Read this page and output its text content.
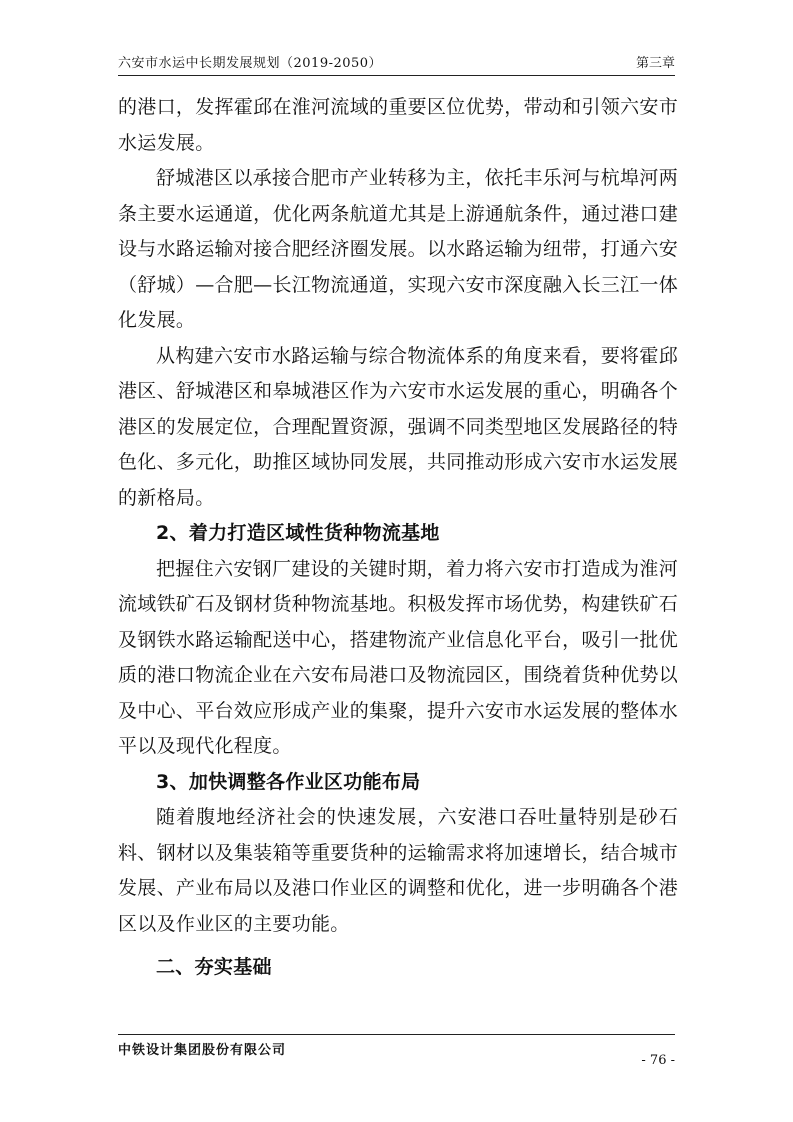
六安市水运中长期发展规划（2019-2050）	第三章

的港口，发挥霍邱在淮河流域的重要区位优势，带动和引领六安市水运发展。

舒城港区以承接合肥市产业转移为主，依托丰乐河与杭埠河两条主要水运通道，优化两条航道尤其是上游通航条件，通过港口建设与水路运输对接合肥经济圈发展。以水路运输为纽带，打通六安（舒城）—合肥—长江物流通道，实现六安市深度融入长三江一体化发展。

从构建六安市水路运输与综合物流体系的角度来看，要将霍邱港区、舒城港区和皋城港区作为六安市水运发展的重心，明确各个港区的发展定位，合理配置资源，强调不同类型地区发展路径的特色化、多元化，助推区域协同发展，共同推动形成六安市水运发展的新格局。

2、着力打造区域性货种物流基地

把握住六安钢厂建设的关键时期，着力将六安市打造成为淮河流域铁矿石及钢材货种物流基地。积极发挥市场优势，构建铁矿石及钢铁水路运输配送中心，搭建物流产业信息化平台，吸引一批优质的港口物流企业在六安布局港口及物流园区，围绕着货种优势以及中心、平台效应形成产业的集聚，提升六安市水运发展的整体水平以及现代化程度。

3、加快调整各作业区功能布局

随着腹地经济社会的快速发展，六安港口吞吐量特别是砂石料、钢材以及集装箱等重要货种的运输需求将加速增长，结合城市发展、产业布局以及港口作业区的调整和优化，进一步明确各个港区以及作业区的主要功能。

二、夯实基础

中铁设计集团股份有限公司
- 76 -
